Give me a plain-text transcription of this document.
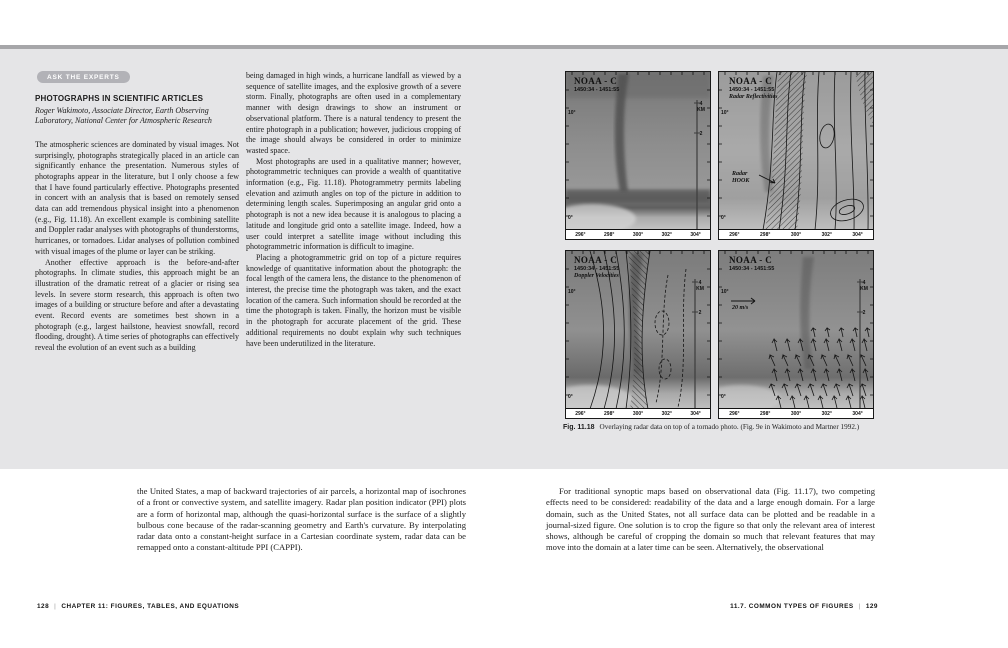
ASK THE EXPERTS
PHOTOGRAPHS IN SCIENTIFIC ARTICLES

Roger Wakimoto, Associate Director, Earth Observing Laboratory, National Center for Atmospheric Research

The atmospheric sciences are dominated by visual images. Not surprisingly, photographs strategically placed in an article can significantly enhance the presentation. Numerous styles of photographs appear in the literature, but I only choose a few that I have found particularly effective. Photographs presented in concert with an analysis that is based on remotely sensed data can add tremendous physical insight into a phenomenon (e.g., Fig. 11.18). An excellent example is combining satellite and Doppler radar analyses with photographs of thunderstorms, hurricanes, or tornadoes. Lidar analyses of pollution combined with visual images of the plume or layer can be striking.

Another effective approach is the before-and-after photographs. In climate studies, this approach might be an illustration of the dramatic retreat of a glacier or rising sea levels. In severe storm research, this approach is often two images of a building or structure before and after a devastating event. Record events are sometimes best shown in a photograph (e.g., largest hailstone, heaviest snowfall, record flooding, drought). A time series of photographs can effectively reveal the evolution of an event such as a building

being damaged in high winds, a hurricane landfall as viewed by a sequence of satellite images, and the explosive growth of a severe storm. Finally, photographs are often used in a complementary manner with design drawings to show an instrument or observational platform. There is a natural tendency to present the entire photograph in a publication; however, judicious cropping of the image should always be considered in order to minimize wasted space.

Most photographs are used in a qualitative manner; however, photogrammetric techniques can provide a wealth of quantitative information (e.g., Fig. 11.18). Photogrammetry permits labeling elevation and azimuth angles on top of the picture in addition to determining length scales. Superimposing an angular grid onto a photograph is not a new idea because it is analogous to placing a latitude and longitude grid onto a satellite image. Indeed, how a user could interpret a satellite image without including this photogrammetric information is difficult to imagine.

Placing a photogrammetric grid on top of a picture requires knowledge of quantitative information about the photograph: the focal length of the camera lens, the distance to the phenomenon of interest, the precise time the photograph was taken, and the exact location of the camera. Such information should be recorded at the time the photograph is taken. Finally, the horizon must be visible in the photograph for accurate placement of the grid. These additional requirements no doubt explain why such techniques have been underutilized in the literature.

296°	298°	300°	302°	304°
NOAA - C
1450:34 - 1451:55
10°
0°
4
KM
2
296°	298°	300°	302°	304°
NOAA - C
1450:34 - 1451:55
Radar Reflectivities
Radar HOOK
10°
0°
296°	298°	300°	302°	304°
NOAA - C
1450:34 - 1451:55
Doppler Velocities
10°
0°
4
KM
2
296°	298°	300°	302°	304°
NOAA - C
1450:34 - 1451:55
20 m/s
10°
0°
4
KM
2

Fig. 11.18 Overlaying radar data on top of a tornado photo. (Fig. 9e in Wakimoto and Martner 1992.)

the United States, a map of backward trajectories of air parcels, a horizontal map of isochrones of a front or convective system, and satellite imagery. Radar plan position indicator (PPI) plots are a form of horizontal map, although the quasi-horizontal surface is the surface of a slightly bulbous cone because of the radar-scanning geometry and Earth's curvature. By interpolating radar data onto a constant-height surface in a Cartesian coordinate system, radar data can be remapped onto a constant-altitude PPI (CAPPI).

For traditional synoptic maps based on observational data (Fig. 11.17), two competing effects need to be considered: readability of the data and a large enough domain. For a large domain, such as the United States, not all surface data can be plotted and be readable in a journal-sized figure. One solution is to crop the figure so that only the relevant area of interest shows, although be careful of cropping the domain so much that relevant features that may move into the domain at a later time can be seen. Alternatively, the observational

128 | CHAPTER 11: FIGURES, TABLES, AND EQUATIONS	11.7. COMMON TYPES OF FIGURES | 129
